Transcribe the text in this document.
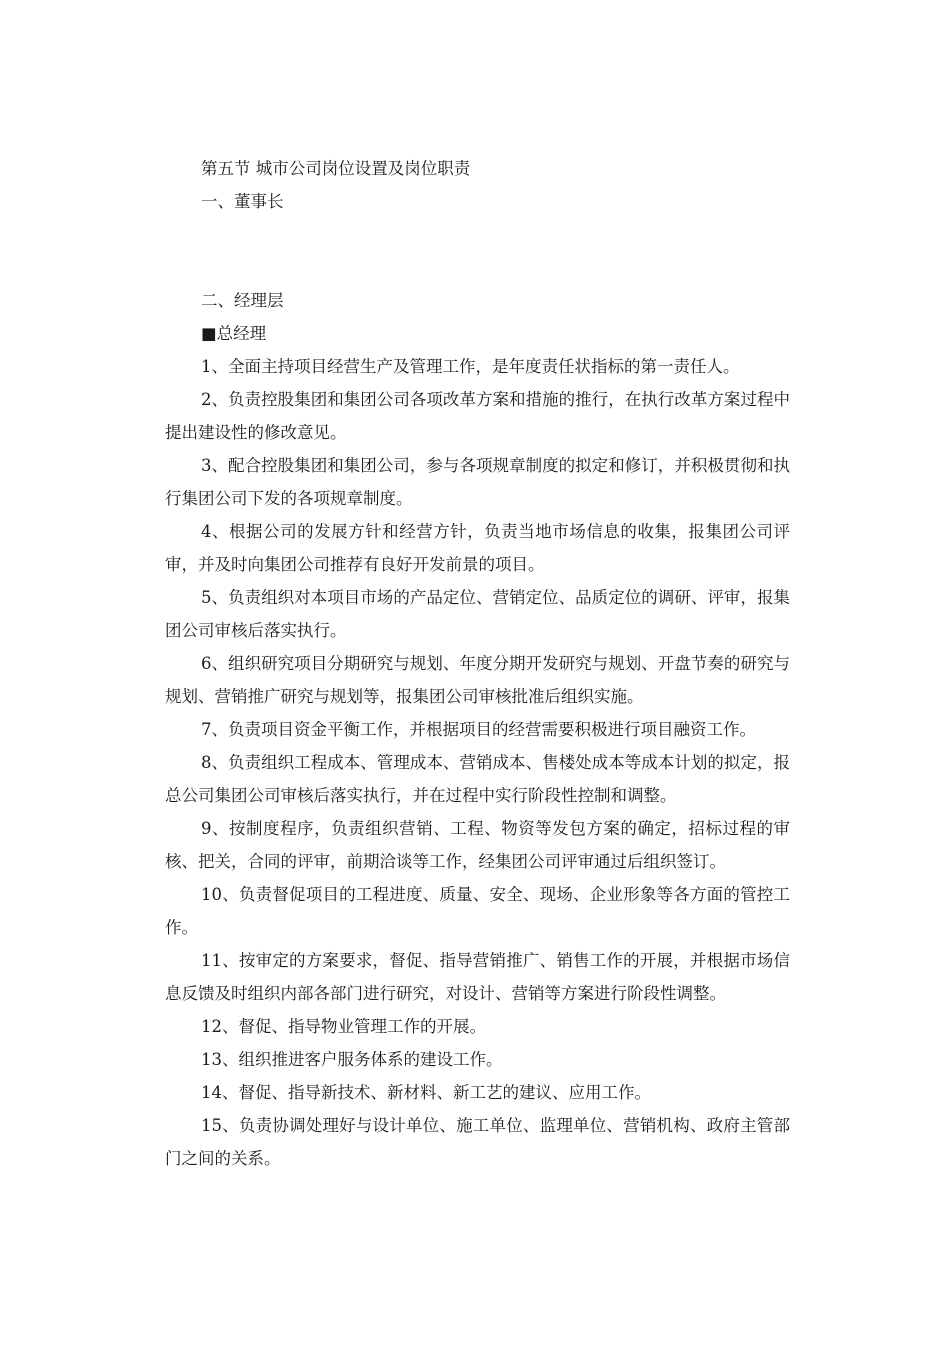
第五节 城市公司岗位设置及岗位职责

一、董事长

二、经理层

■总经理

1、全面主持项目经营生产及管理工作，是年度责任状指标的第一责任人。

2、负责控股集团和集团公司各项改革方案和措施的推行，在执行改革方案过程中提出建设性的修改意见。

3、配合控股集团和集团公司，参与各项规章制度的拟定和修订，并积极贯彻和执行集团公司下发的各项规章制度。

4、根据公司的发展方针和经营方针，负责当地市场信息的收集，报集团公司评审，并及时向集团公司推荐有良好开发前景的项目。

5、负责组织对本项目市场的产品定位、营销定位、品质定位的调研、评审，报集团公司审核后落实执行。

6、组织研究项目分期研究与规划、年度分期开发研究与规划、开盘节奏的研究与规划、营销推广研究与规划等，报集团公司审核批准后组织实施。

7、负责项目资金平衡工作，并根据项目的经营需要积极进行项目融资工作。

8、负责组织工程成本、管理成本、营销成本、售楼处成本等成本计划的拟定，报总公司集团公司审核后落实执行，并在过程中实行阶段性控制和调整。

9、按制度程序，负责组织营销、工程、物资等发包方案的确定，招标过程的审核、把关，合同的评审，前期洽谈等工作，经集团公司评审通过后组织签订。

10、负责督促项目的工程进度、质量、安全、现场、企业形象等各方面的管控工作。

11、按审定的方案要求，督促、指导营销推广、销售工作的开展，并根据市场信息反馈及时组织内部各部门进行研究，对设计、营销等方案进行阶段性调整。

12、督促、指导物业管理工作的开展。

13、组织推进客户服务体系的建设工作。

14、督促、指导新技术、新材料、新工艺的建议、应用工作。

15、负责协调处理好与设计单位、施工单位、监理单位、营销机构、政府主管部门之间的关系。
